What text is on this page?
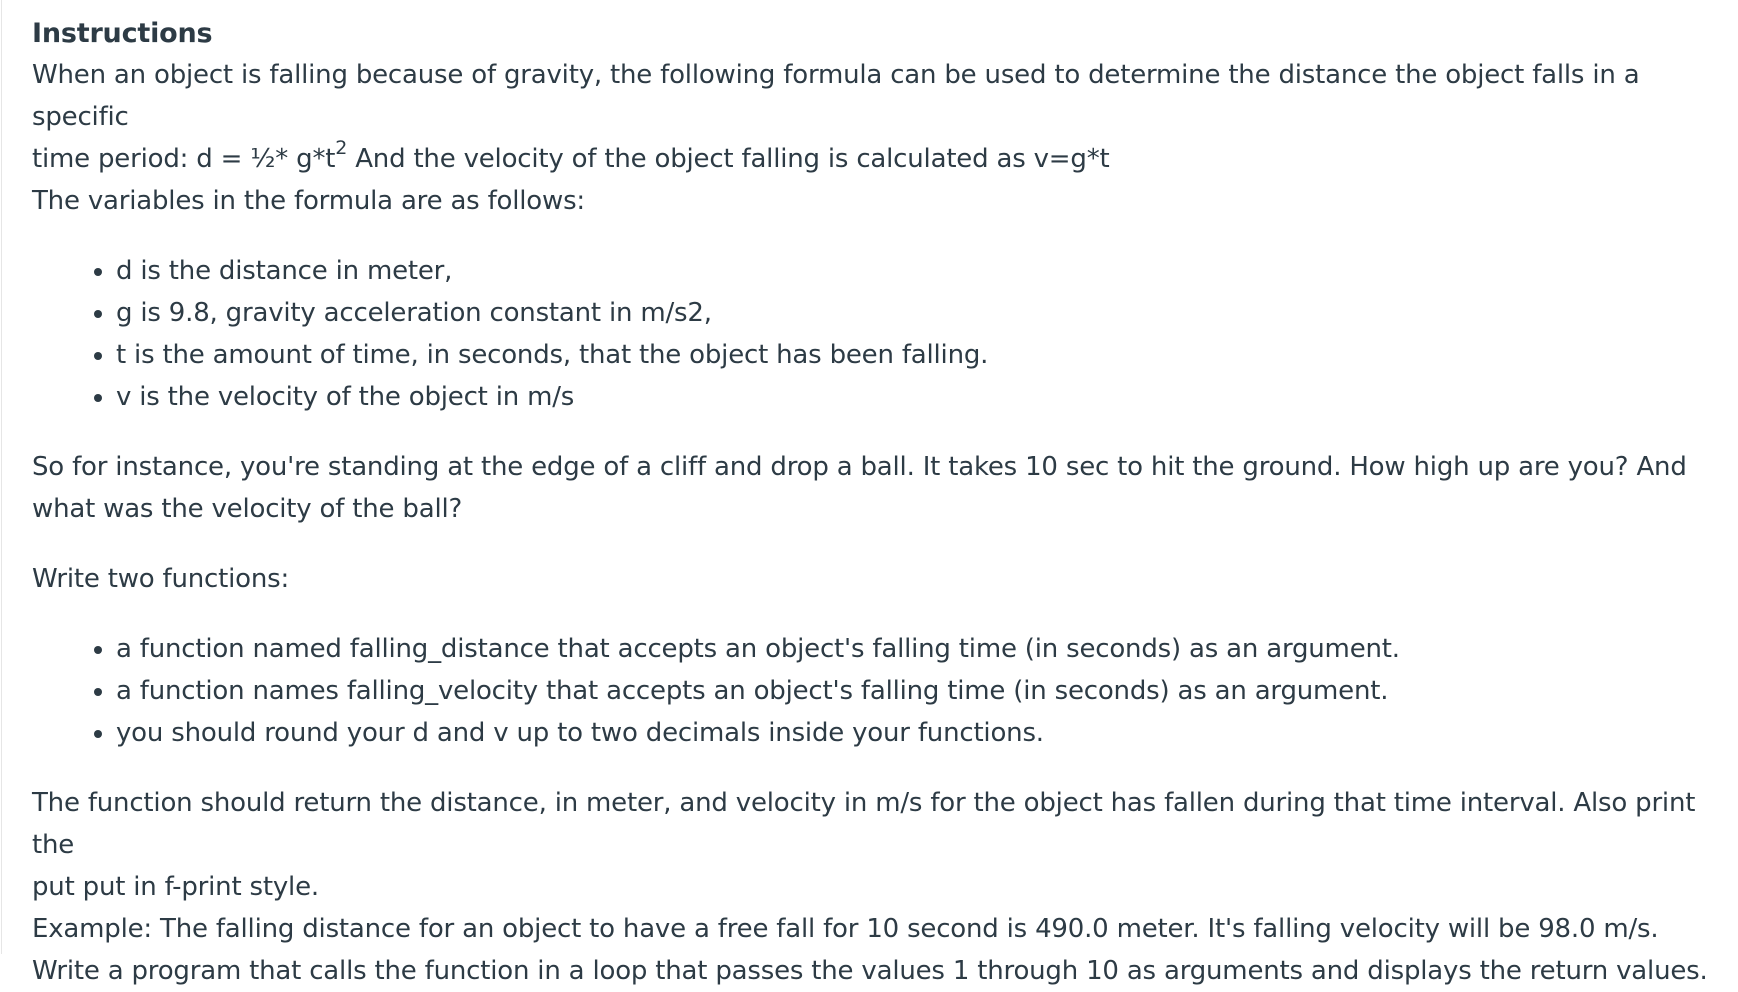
Instructions

When an object is falling because of gravity, the following formula can be used to determine the distance the object falls in a specific

time period: d = ½* $g*t^2$ And the velocity of the object falling is calculated as v=g*t

The variables in the formula are as follows:

• d is the distance in meter,
• g is 9.8, gravity acceleration constant in m/s2,
• t is the amount of time, in seconds, that the object has been falling.
• v is the velocity of the object in m/s

So for instance, you're standing at the edge of a cliff and drop a ball. It takes 10 sec to hit the ground. How high up are you? And

what was the velocity of the ball?

Write two functions:

• a function named falling_distance that accepts an object's falling time (in seconds) as an argument.
• a function names falling_velocity that accepts an object's falling time (in seconds) as an argument.
• you should round your d and v up to two decimals inside your functions.

The function should return the distance, in meter, and velocity in m/s for the object has fallen during that time interval. Also print the

put put in f-print style.

Example: The falling distance for an object to have a free fall for 10 second is 490.0 meter. It's falling velocity will be 98.0 m/s.

Write a program that calls the function in a loop that passes the values 1 through 10 as arguments and displays the return values.
